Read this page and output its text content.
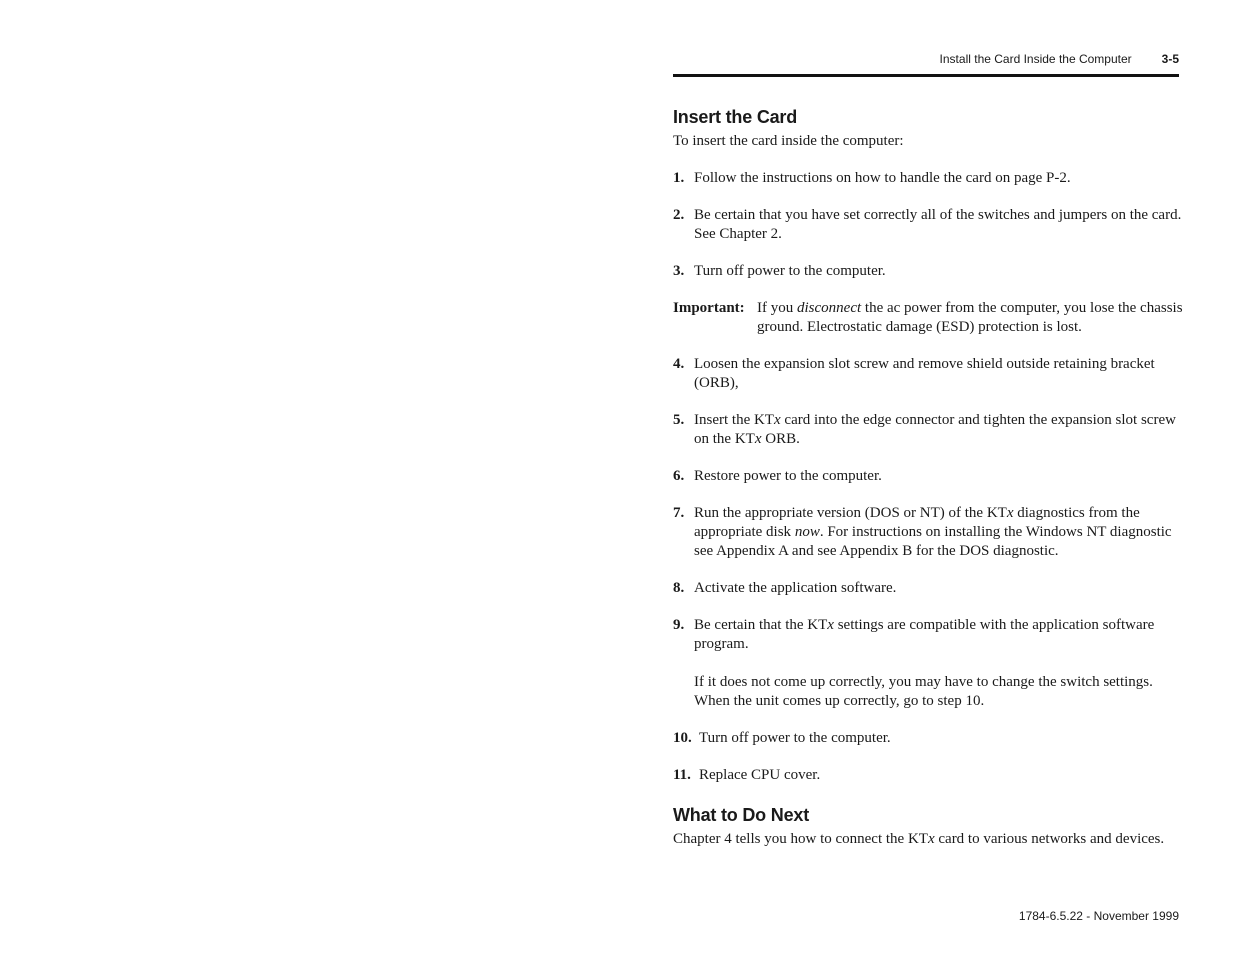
Install the Card Inside the Computer	3-5
Insert the Card

To insert the card inside the computer:

1. Follow the instructions on how to handle the card on page P-2.
2. Be certain that you have set correctly all of the switches and jumpers on the card. See Chapter 2.
3. Turn off power to the computer.
Important: If you disconnect the ac power from the computer, you lose the chassis ground. Electrostatic damage (ESD) protection is lost.
4. Loosen the expansion slot screw and remove shield outside retaining bracket (ORB),
5. Insert the KTx card into the edge connector and tighten the expansion slot screw on the KTx ORB.
6. Restore power to the computer.
7. Run the appropriate version (DOS or NT) of the KTx diagnostics from the appropriate disk now. For instructions on installing the Windows NT diagnostic see Appendix A and see Appendix B for the DOS diagnostic.
8. Activate the application software.
9. Be certain that the KTx settings are compatible with the application software program.

If it does not come up correctly, you may have to change the switch settings. When the unit comes up correctly, go to step 10.

10. Turn off power to the computer.
11. Replace CPU cover.
What to Do Next

Chapter 4 tells you how to connect the KTx card to various networks and devices.

1784-6.5.22 - November 1999
